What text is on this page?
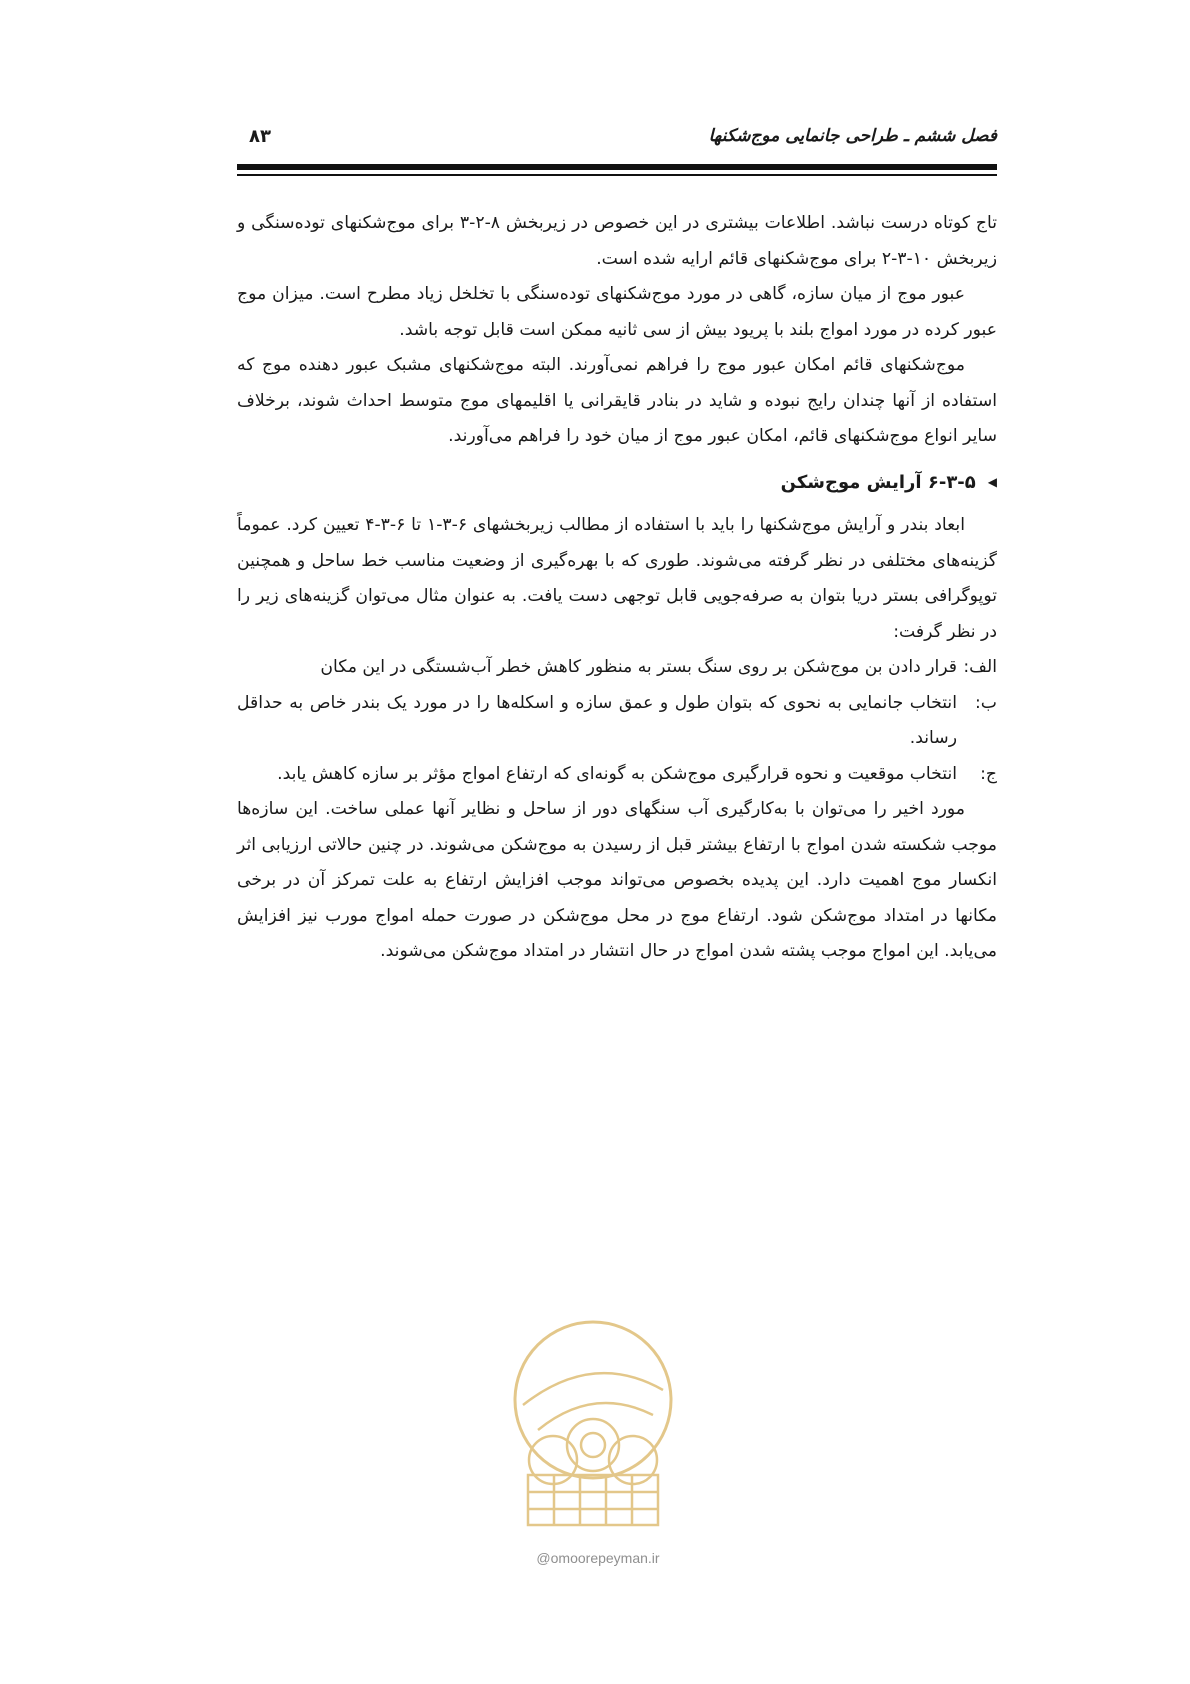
فصل ششم ـ طراحی جانمایی موج‌شکنها
۸۳

تاج کوتاه درست نباشد. اطلاعات بیشتری در این خصوص در زیربخش ۸-۲-۳ برای موج‌شکنهای توده‌سنگی و زیربخش ۱۰-۳-۲ برای موج‌شکنهای قائم ارایه شده است.

عبور موج از میان سازه، گاهی در مورد موج‌شکنهای توده‌سنگی با تخلخل زیاد مطرح است. میزان موج عبور کرده در مورد امواج بلند با پریود بیش از سی ثانیه ممکن است قابل توجه باشد.

موج‌شکنهای قائم امکان عبور موج را فراهم نمی‌آورند. البته موج‌شکنهای مشبک عبور دهنده موج که استفاده از آنها چندان رایج نبوده و شاید در بنادر قایقرانی یا اقلیمهای موج متوسط احداث شوند، برخلاف سایر انواع موج‌شکنهای قائم، امکان عبور موج از میان خود را فراهم می‌آورند.

◀
۶-۳-۵ آرایش موج‌شکن

ابعاد بندر و آرایش موج‌شکنها را باید با استفاده از مطالب زیربخشهای ۶-۳-۱ تا ۶-۳-۴ تعیین کرد. عموماً گزینه‌های مختلفی در نظر گرفته می‌شوند. طوری که با بهره‌گیری از وضعیت مناسب خط ساحل و همچنین توپوگرافی بستر دریا بتوان به صرفه‌جویی قابل توجهی دست یافت. به عنوان مثال می‌توان گزینه‌های زیر را در نظر گرفت:

الف:
قرار دادن بن موج‌شکن بر روی سنگ بستر به منظور کاهش خطر آب‌شستگی در این مکان
ب:
انتخاب جانمایی به نحوی که بتوان طول و عمق سازه و اسکله‌ها را در مورد یک بندر خاص به حداقل رساند.
ج:
انتخاب موقعیت و نحوه قرارگیری موج‌شکن به گونه‌ای که ارتفاع امواج مؤثر بر سازه کاهش یابد.

مورد اخیر را می‌توان با به‌کارگیری آب سنگهای دور از ساحل و نظایر آنها عملی ساخت. این سازه‌ها موجب شکسته شدن امواج با ارتفاع بیشتر قبل از رسیدن به موج‌شکن می‌شوند. در چنین حالاتی ارزیابی اثر انکسار موج اهمیت دارد. این پدیده بخصوص می‌تواند موجب افزایش ارتفاع به علت تمرکز آن در برخی مکانها در امتداد موج‌شکن شود. ارتفاع موج در محل موج‌شکن در صورت حمله امواج مورب نیز افزایش می‌یابد. این امواج موجب پشته شدن امواج در حال انتشار در امتداد موج‌شکن می‌شوند.

@omoorepeyman.ir
